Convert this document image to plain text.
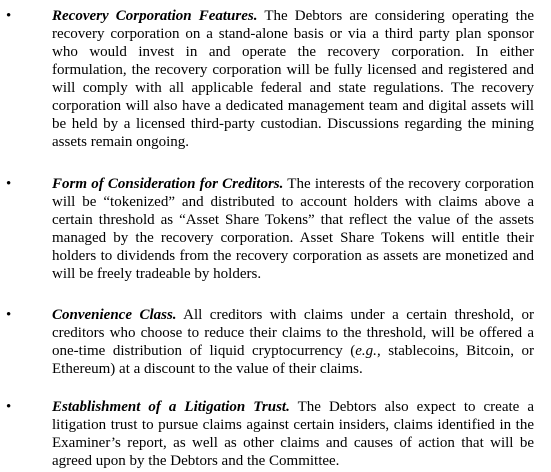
•	Recovery Corporation Features. The Debtors are considering operating the recovery corporation on a stand-alone basis or via a third party plan sponsor who would invest in and operate the recovery corporation. In either formulation, the recovery corporation will be fully licensed and registered and will comply with all applicable federal and state regulations. The recovery corporation will also have a dedicated management team and digital assets will be held by a licensed third-party custodian. Discussions regarding the mining assets remain ongoing.
•	Form of Consideration for Creditors. The interests of the recovery corporation will be “tokenized” and distributed to account holders with claims above a certain threshold as “Asset Share Tokens” that reflect the value of the assets managed by the recovery corporation. Asset Share Tokens will entitle their holders to dividends from the recovery corporation as assets are monetized and will be freely tradeable by holders.
•	Convenience Class. All creditors with claims under a certain threshold, or creditors who choose to reduce their claims to the threshold, will be offered a one-time distribution of liquid cryptocurrency (e.g., stablecoins, Bitcoin, or Ethereum) at a discount to the value of their claims.
•	Establishment of a Litigation Trust. The Debtors also expect to create a litigation trust to pursue claims against certain insiders, claims identified in the Examiner’s report, as well as other claims and causes of action that will be agreed upon by the Debtors and the Committee.
